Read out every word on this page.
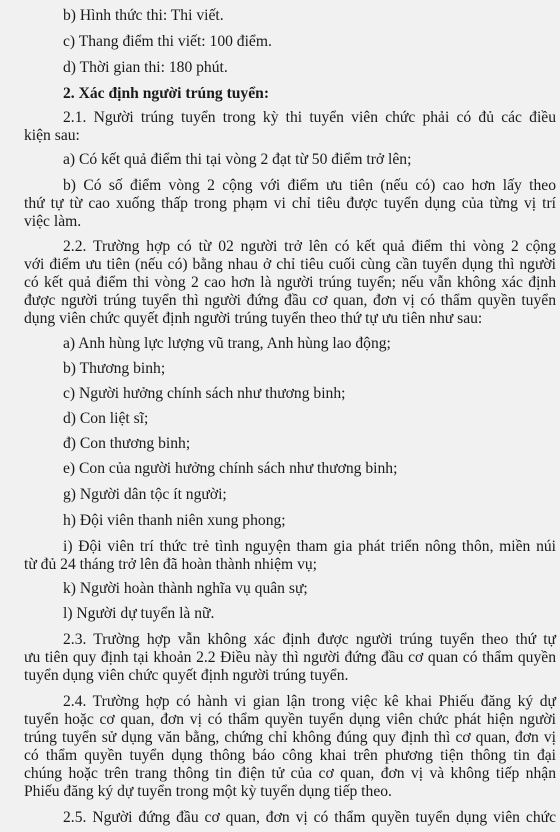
b) Hình thức thi: Thi viết.
c) Thang điểm thi viết: 100 điểm.
d) Thời gian thi: 180 phút.
2. Xác định người trúng tuyển:
2.1. Người trúng tuyển trong kỳ thi tuyển viên chức phải có đủ các điều
kiện sau:
a) Có kết quả điểm thi tại vòng 2 đạt từ 50 điểm trở lên;
b) Có số điểm vòng 2 cộng với điểm ưu tiên (nếu có) cao hơn lấy theo
thứ tự từ cao xuống thấp trong phạm vi chỉ tiêu được tuyển dụng của từng vị trí
việc làm.
2.2. Trường hợp có từ 02 người trở lên có kết quả điểm thi vòng 2 cộng
với điểm ưu tiên (nếu có) bằng nhau ở chỉ tiêu cuối cùng cần tuyển dụng thì người
có kết quả điểm thi vòng 2 cao hơn là người trúng tuyển; nếu vẫn không xác định
được người trúng tuyển thì người đứng đầu cơ quan, đơn vị có thẩm quyền tuyển
dụng viên chức quyết định người trúng tuyển theo thứ tự ưu tiên như sau:
a) Anh hùng lực lượng vũ trang, Anh hùng lao động;
b) Thương binh;
c) Người hưởng chính sách như thương binh;
d) Con liệt sĩ;
đ) Con thương binh;
e) Con của người hưởng chính sách như thương binh;
g) Người dân tộc ít người;
h) Đội viên thanh niên xung phong;
i) Đội viên trí thức trẻ tình nguyện tham gia phát triển nông thôn, miền núi
từ đủ 24 tháng trở lên đã hoàn thành nhiệm vụ;
k) Người hoàn thành nghĩa vụ quân sự;
l) Người dự tuyển là nữ.
2.3. Trường hợp vẫn không xác định được người trúng tuyển theo thứ tự
ưu tiên quy định tại khoản 2.2 Điều này thì người đứng đầu cơ quan có thẩm quyền
tuyển dụng viên chức quyết định người trúng tuyển.
2.4. Trường hợp có hành vi gian lận trong việc kê khai Phiếu đăng ký dự
tuyển hoặc cơ quan, đơn vị có thẩm quyền tuyển dụng viên chức phát hiện người
trúng tuyển sử dụng văn bằng, chứng chỉ không đúng quy định thì cơ quan, đơn vị
có thẩm quyền tuyển dụng thông báo công khai trên phương tiện thông tin đại
chúng hoặc trên trang thông tin điện tử của cơ quan, đơn vị và không tiếp nhận
Phiếu đăng ký dự tuyển trong một kỳ tuyển dụng tiếp theo.
2.5. Người đứng đầu cơ quan, đơn vị có thẩm quyền tuyển dụng viên chức
